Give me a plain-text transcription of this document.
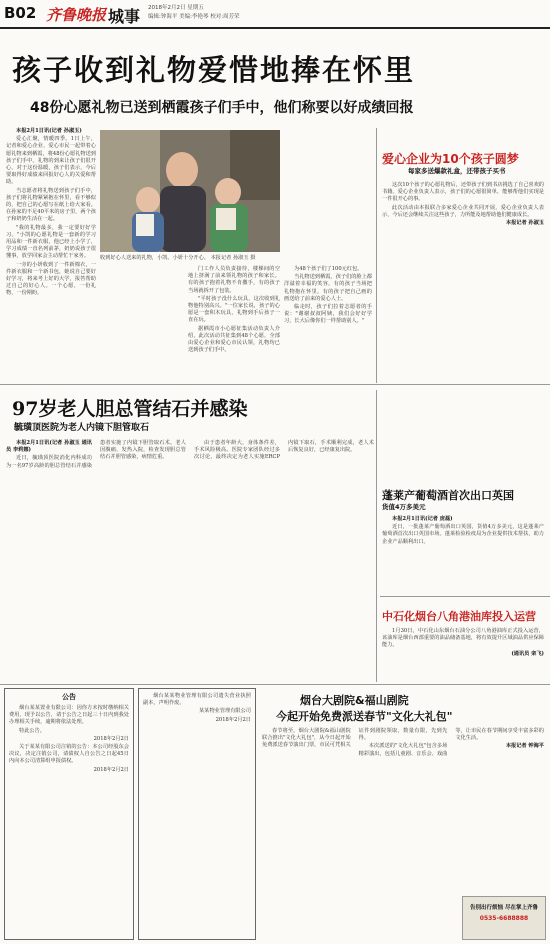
B02 齐鲁晚报 城事 2018年2月2日 星期五
编辑:钟海平 美编:李艳琴 校对:周芳荣
孩子收到礼物爱惜地捧在怀里
48份心愿礼物已送到栖霞孩子们手中，他们称要以好成绩回报

本报2月1日讯(记者 孙淑玉)

爱心汇聚，情暖四季。1日上午，记者和爱心企业、爱心市民一起带着心愿礼物来到栖霞，将48份心愿礼物送到孩子们手中。礼物的到来让孩子们很开心，对于这份温暖，孩子们表示，今后要取得好成绩来回报好心人的关爱和帮助。

当志愿者将礼物送到孩子们手中，孩子们将礼物紧紧抱在怀里，看不够似的，把自己的心愿写在纸上给大家看。在孙家的不足40平米的房子里，两个孩子和奶奶生活在一起。

"我的礼物最多，我一定要好好学习。"小凯的心愿礼物是一套新的学习用品和一件新衣服，他已经上小学了，学习成绩一直名列前茅，奶奶说孩子很懂事，放学回家会主动帮忙干家务。

一旁的小妍收到了一件新棉衣，一件新衣服和一个新书包，她说自己要好好学习，将来考上好的大学，报答帮助过自己的好心人。一个心愿，一份礼物，一份期盼。

收到好心人送来的礼物，小凯、小妍十分开心。 本报记者 孙淑玉 摄

门工作人员负责接待，楼梯间的空地上挤满了前来领礼物的孩子和家长。有的孩子抱着礼物不肯撒手，有的孩子当场就拆开了包装。

"平时孩子没什么玩具，这次收到礼物他特别高兴。"一位家长说，孩子的心愿是一套积木玩具，礼物到手后孩子一直在玩。

据栖霞市小心愿征集活动负责人介绍，此次活动共征集到48个心愿，全部由爱心企业和爱心市民认领，礼物均已送到孩子们手中。

为48个孩子们了100元红包。

当礼物送到栖霞，孩子们的脸上都洋溢着幸福的笑容，有的孩子当场把礼物抱在怀里，有的孩子把自己画的画送给了前来的爱心人士。

临走时，孩子们拉着志愿者的手说："谢谢叔叔阿姨，我们会好好学习，长大后像你们一样帮助别人。"

爱心企业为10个孩子圆梦
每家多送爆款礼盒，还带孩子买书

这次10个孩子的心愿礼物后，还带孩子们到书店挑选了自己喜欢的书籍。爱心企业负责人表示，孩子们的心愿很简单，能够帮他们实现是一件很开心的事。

此次活动由本报联合多家爱心企业共同开展，爱心企业负责人表示，今后还会继续关注这些孩子，力所能及地帮助他们健康成长。

本报记者 孙淑玉

97岁老人胆总管结石并感染
毓璜顶医院为老人内镜下胆管取石

本报2月1日讯(记者 孙淑玉 通讯员 李莉娜)

近日，毓璜顶医院消化内科成功为一名97岁高龄的胆总管结石并感染患者实施了内镜下胆管取石术。老人因腹痛、发热入院，检查发现胆总管结石并胆管感染，病情危重。

由于患者年龄大，身体条件差，手术风险极高。医院专家团队经过多次讨论，最终决定为老人实施ERCP内镜下取石，手术顺利完成，老人术后恢复良好，已经康复出院。

蓬莱产葡萄酒首次出口英国
货值4万多美元

本报2月1日讯(记者 庞磊)

近日，一批蓬莱产葡萄酒出口英国，货值4万多美元，这是蓬莱产葡萄酒首次出口英国市场。蓬莱检验检疫局为企业提供技术帮扶，助力企业产品顺利出口。

中石化烟台八角港油库投入运营

1月30日，中石化山东烟台石油分公司八角港油库正式投入运营，该油库是烟台西部重要的油品储备基地，将有效提升区域油品供应保障能力。

(通讯员 栾飞)

公告

烟台某某置业有限公司：因你方未按时缴纳相关费用，现予以公告，请于公告之日起三十日内到我处办理相关手续，逾期将依法处理。

特此公告。

2018年2月2日

关于某某有限公司注销的公告：本公司经股东会决议，决定注销公司，请债权人自公告之日起45日内向本公司清算组申报债权。

2018年2月2日

烟台某某物业管理有限公司遗失营业执照副本，声明作废。

某某物业管理有限公司

2018年2月2日

烟台大剧院&福山剧院
今起开始免费派送春节"文化大礼包"

春节将至，烟台大剧院&福山剧院联合推出"文化大礼包"，从今日起开始免费派送春节演出门票，市民可凭相关证件到剧院领取，数量有限，先到先得。

本次派送的"文化大礼包"包含多场精彩演出，包括儿童剧、音乐会、戏曲等，让市民在春节期间享受丰富多彩的文化生活。

本报记者 钟海平

告别出行烦恼 尽在掌上齐鲁
0535-6688888
